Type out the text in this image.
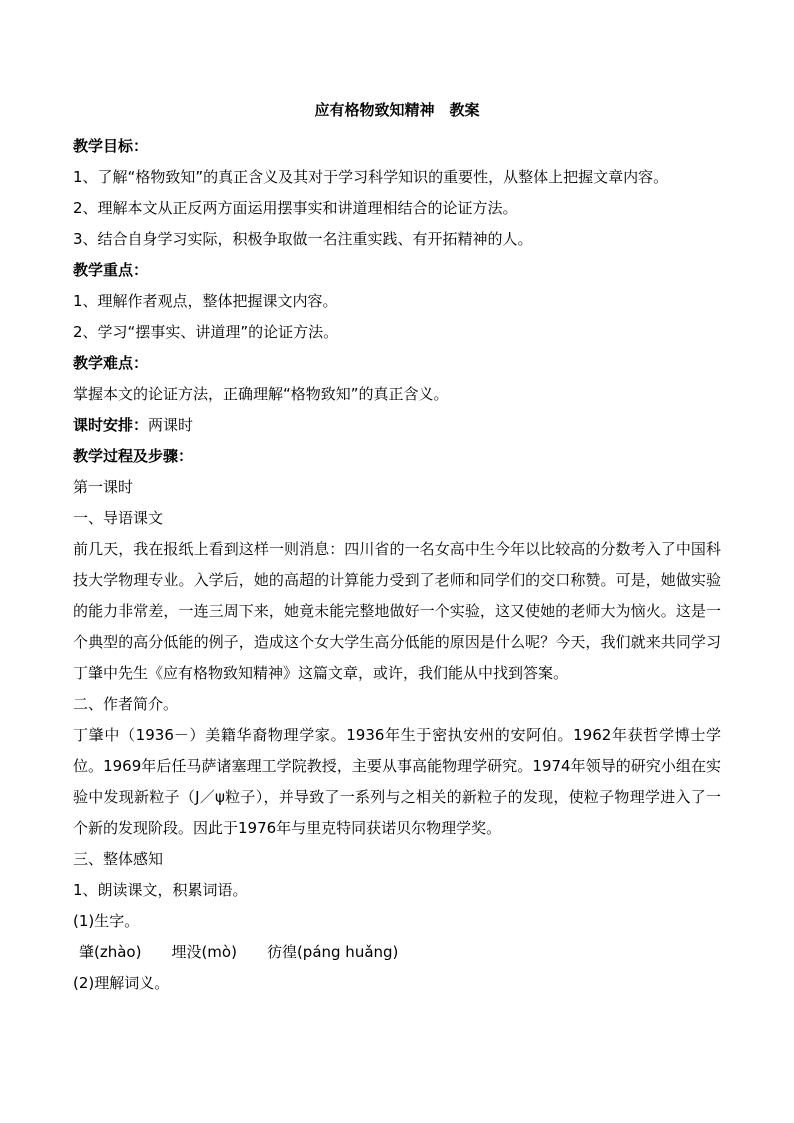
应有格物致知精神　教案
教学目标：
1、了解“格物致知”的真正含义及其对于学习科学知识的重要性，从整体上把握文章内容。
2、理解本文从正反两方面运用摆事实和讲道理相结合的论证方法。
3、结合自身学习实际，积极争取做一名注重实践、有开拓精神的人。
教学重点：
1、理解作者观点，整体把握课文内容。
2、学习“摆事实、讲道理”的论证方法。
教学难点：
掌握本文的论证方法，正确理解“格物致知”的真正含义。
课时安排：两课时
教学过程及步骤：
第一课时
一、导语课文
前几天，我在报纸上看到这样一则消息：四川省的一名女高中生今年以比较高的分数考入了中国科技大学物理专业。入学后，她的高超的计算能力受到了老师和同学们的交口称赞。可是，她做实验的能力非常差，一连三周下来，她竟未能完整地做好一个实验，这又使她的老师大为恼火。这是一个典型的高分低能的例子，造成这个女大学生高分低能的原因是什么呢？今天，我们就来共同学习丁肇中先生《应有格物致知精神》这篇文章，或许，我们能从中找到答案。
二、作者简介。
丁肇中（1936－）美籍华裔物理学家。1936年生于密执安州的安阿伯。1962年获哲学博士学位。1969年后任马萨诸塞理工学院教授，主要从事高能物理学研究。1974年领导的研究小组在实验中发现新粒子（J／ψ粒子），并导致了一系列与之相关的新粒子的发现，使粒子物理学进入了一个新的发现阶段。因此于1976年与里克特同获诺贝尔物理学奖。
三、整体感知
1、朗读课文，积累词语。
(1)生字。
肇(zhào)　　埋没(mò)　　彷徨(páng huǎng)
(2)理解词义。
